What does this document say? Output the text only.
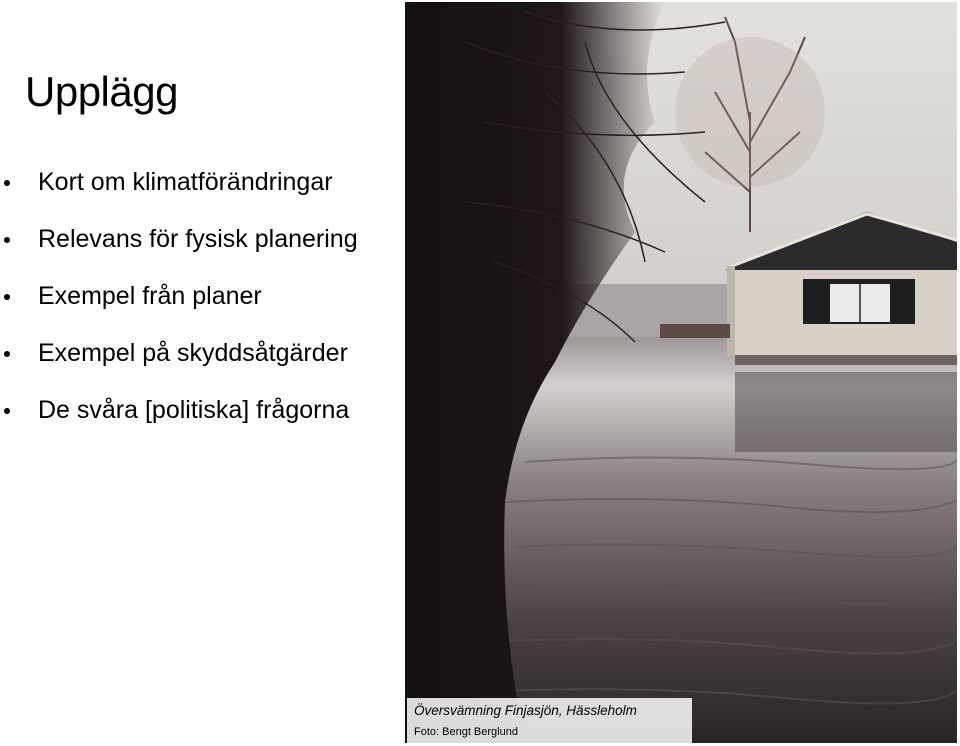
Upplägg
Kort om klimatförändringar
Relevans för fysisk planering
Exempel från planer
Exempel på skyddsåtgärder
De svåra [politiska] frågorna
Översvämning Finjasjön, Hässleholm
Foto: Bengt Berglund
